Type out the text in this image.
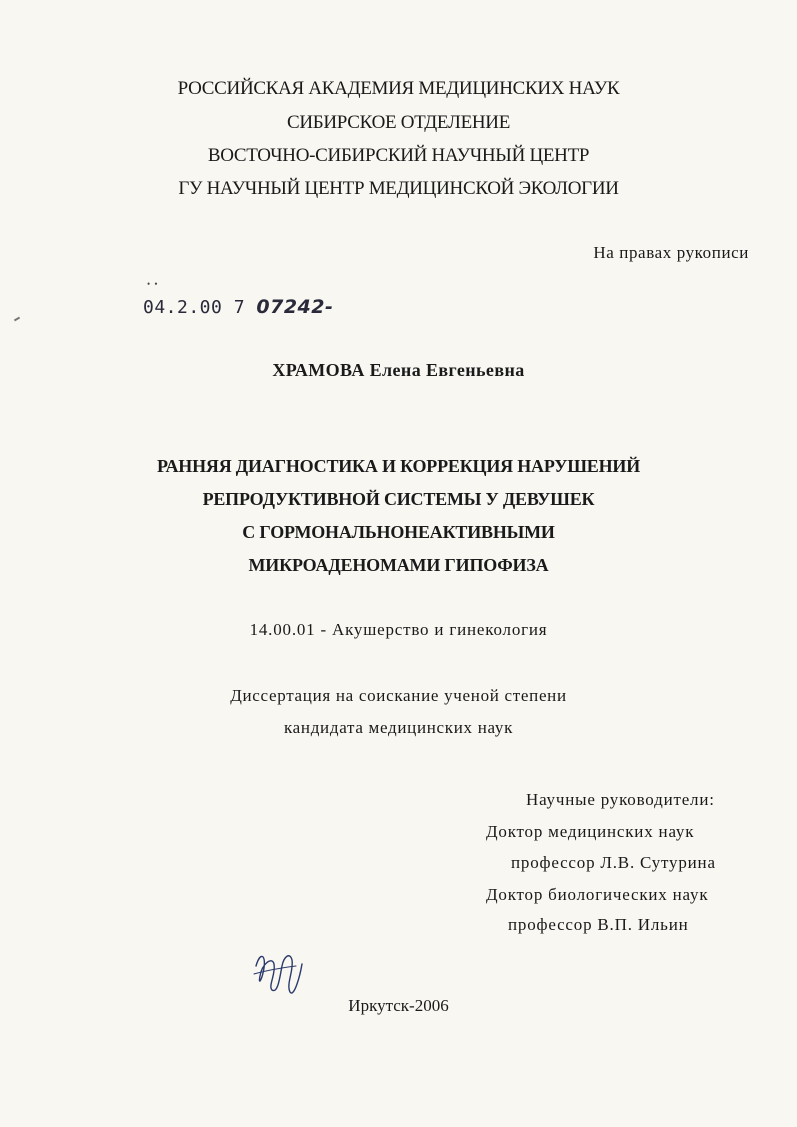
РОССИЙСКАЯ АКАДЕМИЯ МЕДИЦИНСКИХ НАУК
СИБИРСКОЕ ОТДЕЛЕНИЕ
ВОСТОЧНО-СИБИРСКИЙ НАУЧНЫЙ ЦЕНТР
ГУ НАУЧНЫЙ ЦЕНТР МЕДИЦИНСКОЙ ЭКОЛОГИИ
На правах рукописи
• •
04.2.00 7 07242-
ХРАМОВА Елена Евгеньевна
РАННЯЯ ДИАГНОСТИКА И КОРРЕКЦИЯ НАРУШЕНИЙ
РЕПРОДУКТИВНОЙ СИСТЕМЫ У ДЕВУШЕК
С ГОРМОНАЛЬНОНЕАКТИВНЫМИ
МИКРОАДЕНОМАМИ ГИПОФИЗА
14.00.01 - Акушерство и гинекология
Диссертация на соискание ученой степени
кандидата медицинских наук
Научные руководители:
Доктор медицинских наук
профессор Л.В. Сутурина
Доктор биологических наук
профессор В.П. Ильин
Иркутск-2006
